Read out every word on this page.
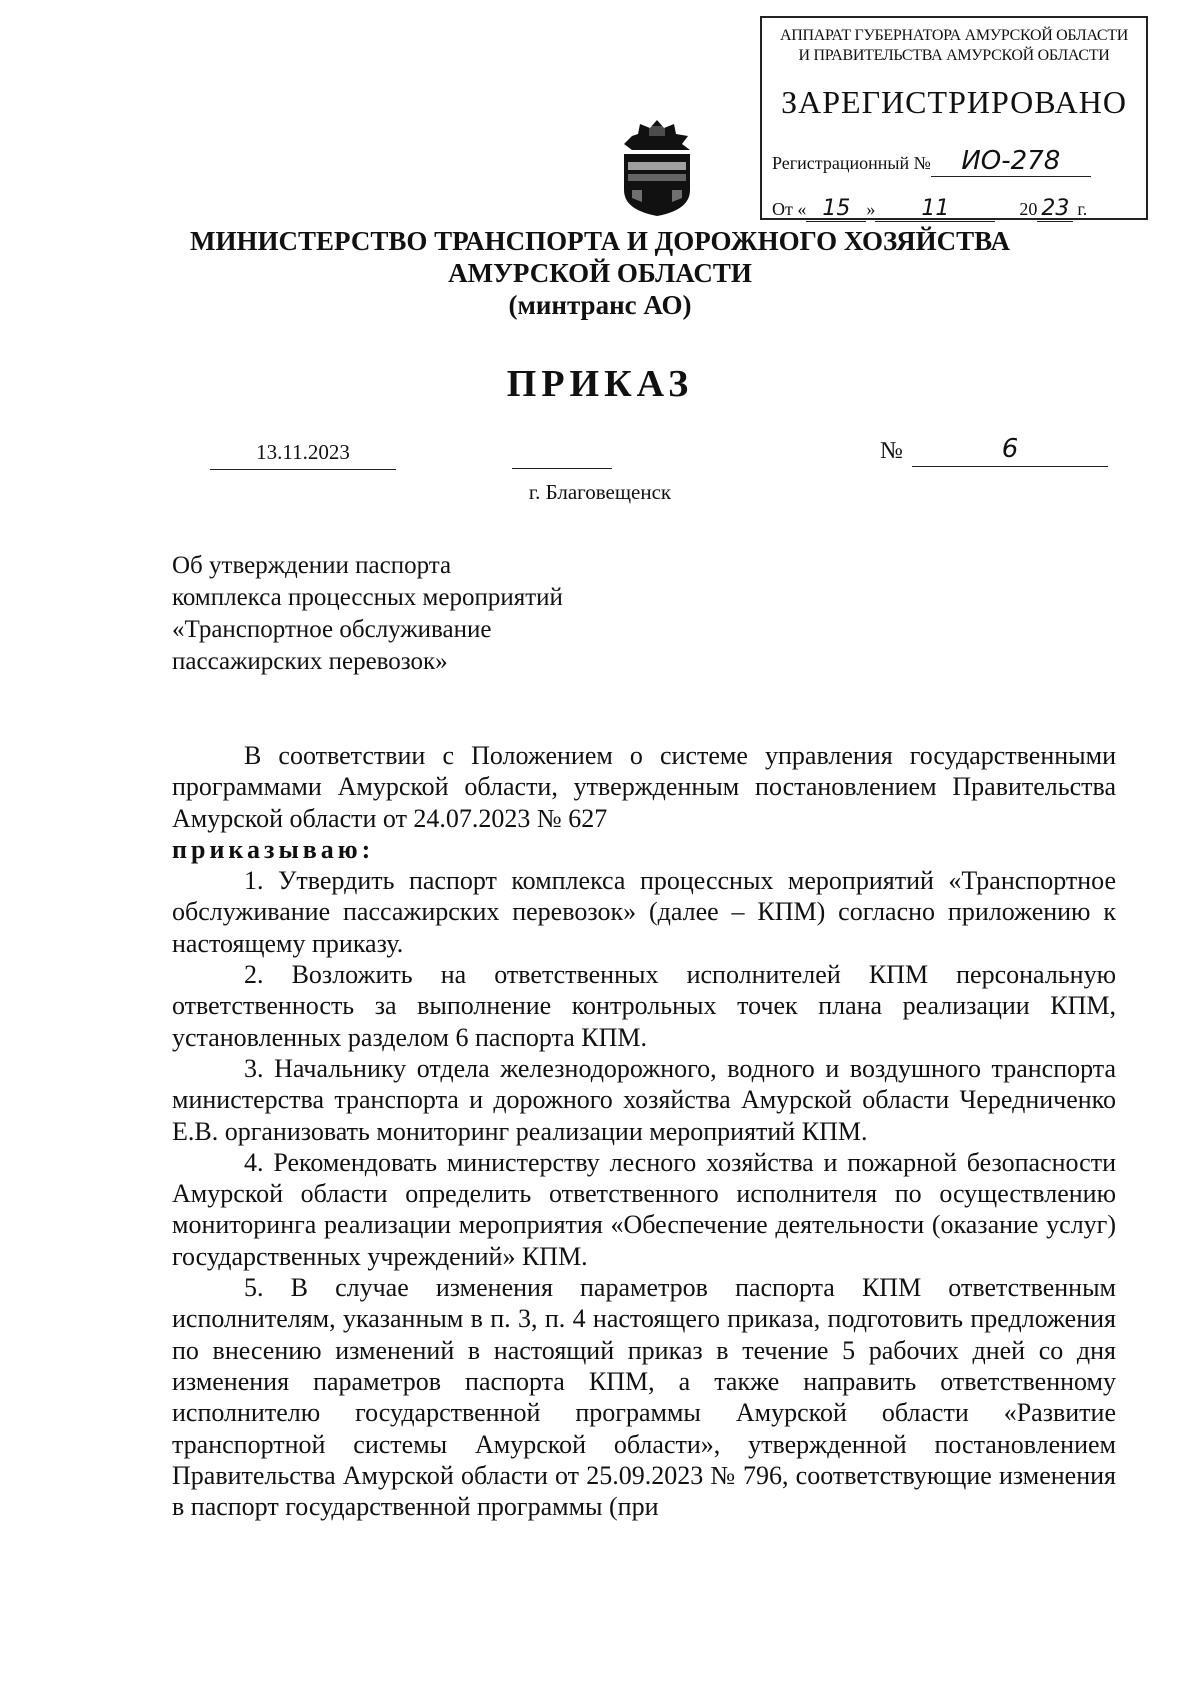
АППАРАТ ГУБЕРНАТОРА АМУРСКОЙ ОБЛАСТИ
И ПРАВИТЕЛЬСТВА АМУРСКОЙ ОБЛАСТИ
ЗАРЕГИСТРИРОВАНО
Регистрационный № ИО-278
От « 15 » 11	20 23 г.
МИНИСТЕРСТВО ТРАНСПОРТА И ДОРОЖНОГО ХОЗЯЙСТВА
АМУРСКОЙ ОБЛАСТИ
(минтранс АО)
ПРИКАЗ
13.11.2023	№	6
г. Благовещенск
Об утверждении паспорта
комплекса процессных мероприятий
«Транспортное обслуживание
пассажирских перевозок»

В соответствии с Положением о системе управления государственными программами Амурской области, утвержденным постановлением Правительства Амурской области от 24.07.2023 № 627

приказываю:

1. Утвердить паспорт комплекса процессных мероприятий «Транспортное обслуживание пассажирских перевозок» (далее – КПМ) согласно приложению к настоящему приказу.

2. Возложить на ответственных исполнителей КПМ персональную ответственность за выполнение контрольных точек плана реализации КПМ, установленных разделом 6 паспорта КПМ.

3. Начальнику отдела железнодорожного, водного и воздушного транспорта министерства транспорта и дорожного хозяйства Амурской области Чередниченко Е.В. организовать мониторинг реализации мероприятий КПМ.

4. Рекомендовать министерству лесного хозяйства и пожарной безопасности Амурской области определить ответственного исполнителя по осуществлению мониторинга реализации мероприятия «Обеспечение деятельности (оказание услуг) государственных учреждений» КПМ.

5. В случае изменения параметров паспорта КПМ ответственным исполнителям, указанным в п. 3, п. 4 настоящего приказа, подготовить предложения по внесению изменений в настоящий приказ в течение 5 рабочих дней со дня изменения параметров паспорта КПМ, а также направить ответственному исполнителю государственной программы Амурской области «Развитие транспортной системы Амурской области», утвержденной постановлением Правительства Амурской области от 25.09.2023 № 796, соответствующие изменения в паспорт государственной программы (при
